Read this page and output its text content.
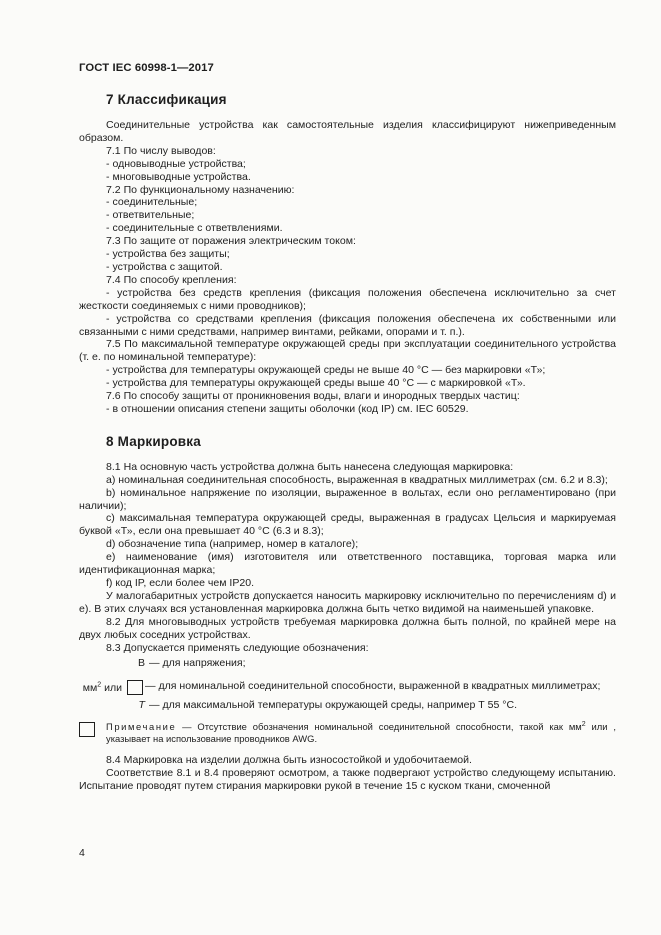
ГОСТ IEC 60998-1—2017
7 Классификация

Соединительные устройства как самостоятельные изделия классифицируют нижеприведенным образом.

7.1 По числу выводов:

- одновыводные устройства;

- многовыводные устройства.

7.2 По функциональному назначению:

- соединительные;

- ответвительные;

- соединительные с ответвлениями.

7.3 По защите от поражения электрическим током:

- устройства без защиты;

- устройства с защитой.

7.4 По способу крепления:

- устройства без средств крепления (фиксация положения обеспечена исключительно за счет жесткости соединяемых с ними проводников);

- устройства со средствами крепления (фиксация положения обеспечена их собственными или связанными с ними средствами, например винтами, рейками, опорами и т. п.).

7.5 По максимальной температуре окружающей среды при эксплуатации соединительного устройства (т. е. по номинальной температуре):

- устройства для температуры окружающей среды не выше 40 °С — без маркировки «Т»;

- устройства для температуры окружающей среды выше 40 °С — с маркировкой «Т».

7.6 По способу защиты от проникновения воды, влаги и инородных твердых частиц:

- в отношении описания степени защиты оболочки (код IP) см. IEC 60529.

8 Маркировка

8.1 На основную часть устройства должна быть нанесена следующая маркировка:

a) номинальная соединительная способность, выраженная в квадратных миллиметрах (см. 6.2 и 8.3);

b) номинальное напряжение по изоляции, выраженное в вольтах, если оно регламентировано (при наличии);

c) максимальная температура окружающей среды, выраженная в градусах Цельсия и маркируемая буквой «Т», если она превышает 40 °С (6.3 и 8.3);

d) обозначение типа (например, номер в каталоге);

e) наименование (имя) изготовителя или ответственного поставщика, торговая марка или идентификационная марка;

f) код IP, если более чем IP20.

У малогабаритных устройств допускается наносить маркировку исключительно по перечислениям d) и e). В этих случаях вся установленная маркировка должна быть четко видимой на наименьшей упаковке.

8.2 Для многовыводных устройств требуемая маркировка должна быть полной, по крайней мере на двух любых соседних устройствах.

8.3 Допускается применять следующие обозначения:

В — для напряжения;
$мм^2$ или	— для номинальной соединительной способности, выраженной в квадратных миллиметрах;
Т — для максимальной температуры окружающей среды, например Т 55 °С.
Примечание — Отсутствие обозначения номинальной соединительной способности, такой как $мм^2$ или , указывает на использование проводников AWG.

8.4 Маркировка на изделии должна быть износостойкой и удобочитаемой.

Соответствие 8.1 и 8.4 проверяют осмотром, а также подвергают устройство следующему испытанию. Испытание проводят путем стирания маркировки рукой в течение 15 с куском ткани, смоченной

4
